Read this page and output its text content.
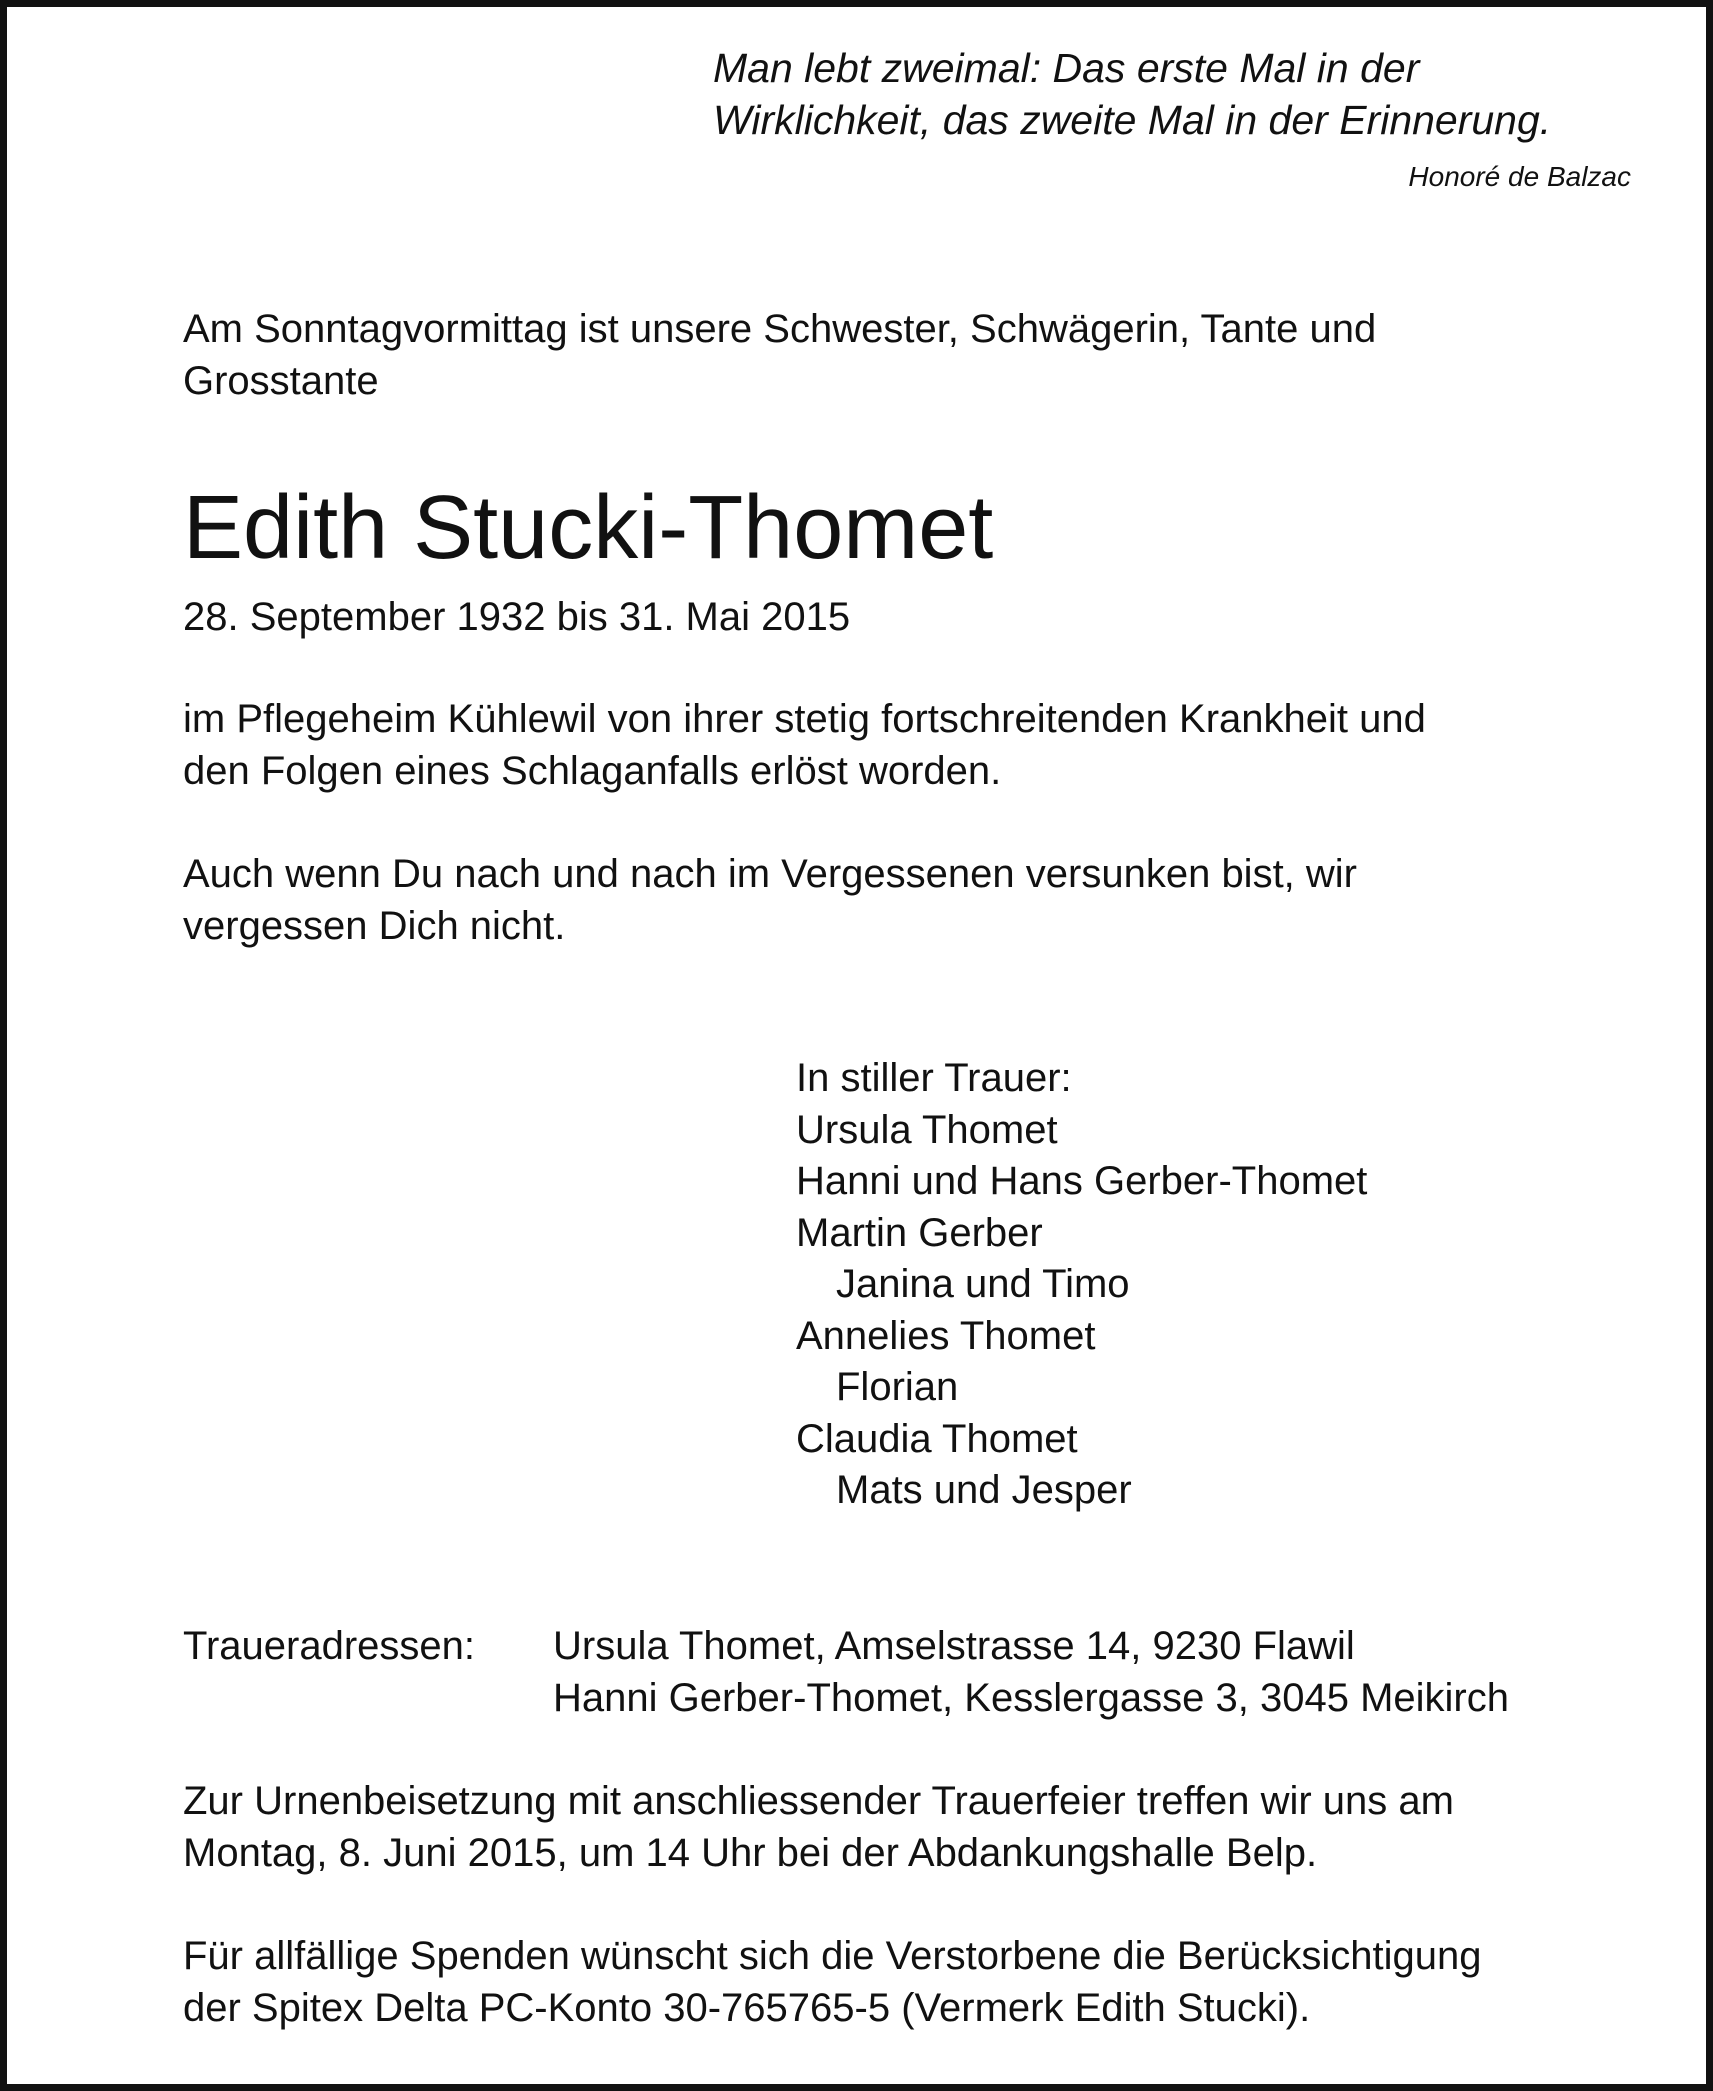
Man lebt zweimal: Das erste Mal in der
Wirklichkeit, das zweite Mal in der Erinnerung.
Honoré de Balzac
Am Sonntagvormittag ist unsere Schwester, Schwägerin, Tante und
Grosstante
Edith Stucki-Thomet
28. September 1932 bis 31. Mai 2015
im Pflegeheim Kühlewil von ihrer stetig fortschreitenden Krankheit und
den Folgen eines Schlaganfalls erlöst worden.
Auch wenn Du nach und nach im Vergessenen versunken bist, wir
vergessen Dich nicht.
In stiller Trauer:
Ursula Thomet
Hanni und Hans Gerber-Thomet
Martin Gerber
Janina und Timo
Annelies Thomet
Florian
Claudia Thomet
Mats und Jesper
Traueradressen: Ursula Thomet, Amselstrasse 14, 9230 Flawil
Hanni Gerber-Thomet, Kesslergasse 3, 3045 Meikirch
Zur Urnenbeisetzung mit anschliessender Trauerfeier treffen wir uns am
Montag, 8. Juni 2015, um 14 Uhr bei der Abdankungshalle Belp.
Für allfällige Spenden wünscht sich die Verstorbene die Berücksichtigung
der Spitex Delta PC-Konto 30-765765-5 (Vermerk Edith Stucki).
